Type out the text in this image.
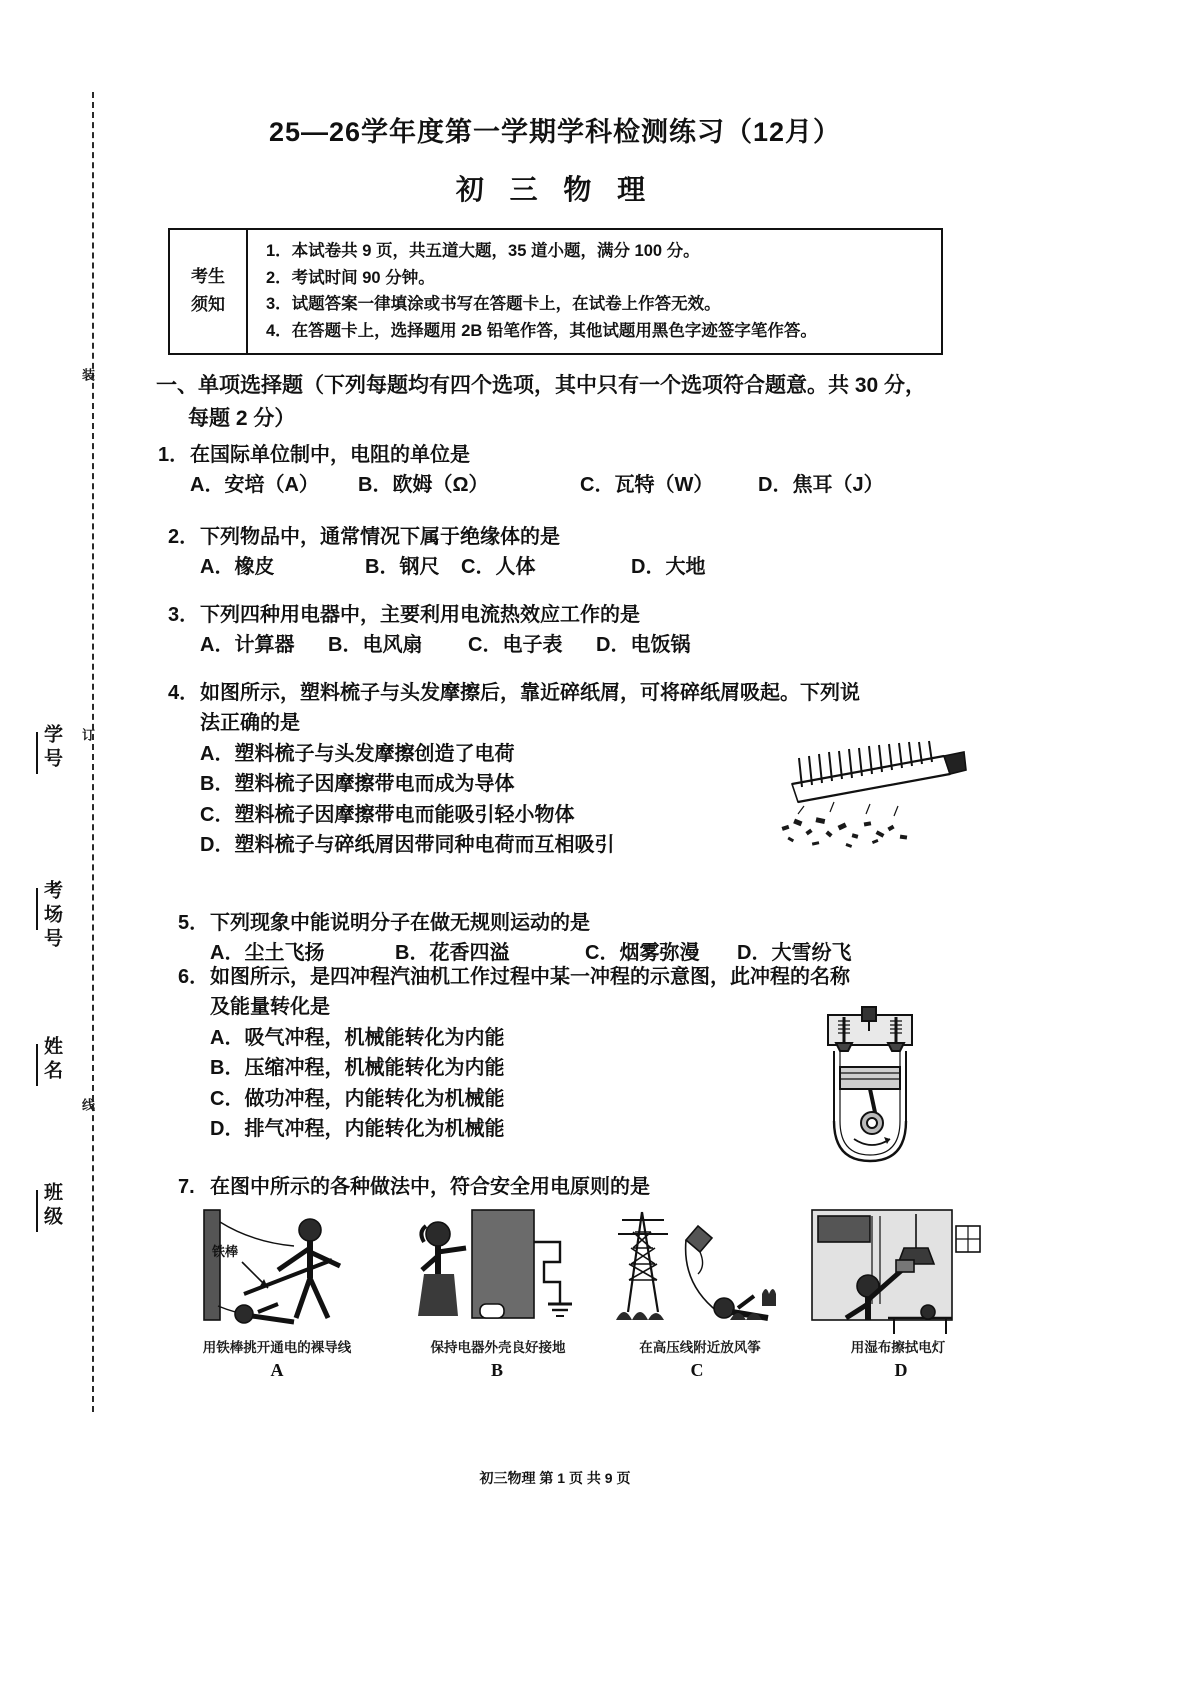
装
订
线
学号
考场号
姓名
班级
25—26学年度第一学期学科检测练习（12月）
初 三 物 理
考生
须知
1．本试卷共 9 页，共五道大题，35 道小题，满分 100 分。
2．考试时间 90 分钟。
3．试题答案一律填涂或书写在答题卡上，在试卷上作答无效。
4．在答题卡上，选择题用 2B 铅笔作答，其他试题用黑色字迹签字笔作答。
一、单项选择题（下列每题均有四个选项，其中只有一个选项符合题意。共 30 分，
每题 2 分）
1． 在国际单位制中，电阻的单位是
A．安培（A） B．欧姆（Ω）	C．瓦特（W） D．焦耳（J）
2． 下列物品中，通常情况下属于绝缘体的是
A．橡皮	B．钢尺 C．人体	D．大地
3． 下列四种用电器中，主要利用电流热效应工作的是
A．计算器 B．电风扇 C．电子表 D．电饭锅
4． 如图所示，塑料梳子与头发摩擦后，靠近碎纸屑，可将碎纸屑吸起。下列说
法正确的是
A．塑料梳子与头发摩擦创造了电荷
B．塑料梳子因摩擦带电而成为导体
C．塑料梳子因摩擦带电而能吸引轻小物体
D．塑料梳子与碎纸屑因带同种电荷而互相吸引
5． 下列现象中能说明分子在做无规则运动的是
A．尘土飞扬	B．花香四溢	C．烟雾弥漫 D．大雪纷飞
6． 如图所示，是四冲程汽油机工作过程中某一冲程的示意图，此冲程的名称
及能量转化是
A．吸气冲程，机械能转化为内能
B．压缩冲程，机械能转化为内能
C．做功冲程，内能转化为机械能
D．排气冲程，内能转化为机械能
7. 在图中所示的各种做法中，符合安全用电原则的是
铁棒
用铁棒挑开通电的裸导线
A
保持电器外壳良好接地
B
在高压线附近放风筝
C
用湿布擦拭电灯
D
初三物理 第 1 页 共 9 页
